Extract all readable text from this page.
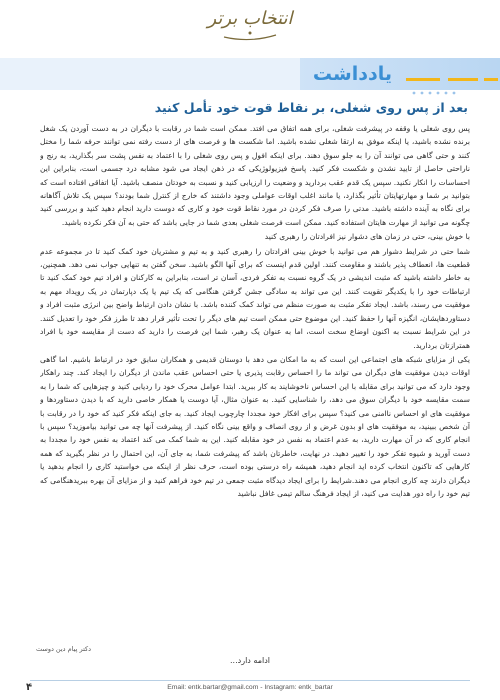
انتخاب برتر
یادداشت
بعد از پس روی شغلی، بر نقاط قوت خود تأمل کنید

پس روی شغلی یا وقفه در پیشرفت شغلی، برای همه اتفاق می افتد. ممکن است شما در رقابت با دیگران در به دست آوردن یک شغل برنده نشده باشید، یا اینکه موفق به ارتقا شغلی نشده باشید. اما شکست ها و فرصت های از دست رفته نمی توانند حرفه شما را مختل کنند و حتی گاهی می توانند آن را به جلو سوق دهند. برای اینکه افول و پس روی شغلی را با اعتماد به نفس پشت سر بگذارید، به رنج و ناراحتی حاصل از تایید نشدن و شکست فکر کنید. پاسخ فیزیولوژیکی که در ذهن ایجاد می شود مشابه درد جسمی است، بنابراین این احساسات را انکار نکنید. سپس یک قدم عقب بردارید و وضعیت را ارزیابی کنید و نسبت به خودتان منصف باشید. آیا اتفاقی افتاده است که بتوانید بر شما و مهارتهایتان تأثیر بگذارد، یا مانند اغلب اوقات عواملی وجود داشتند که خارج از کنترل شما بودند؟ سپس یک تلاش آگاهانه برای نگاه به آینده داشته باشید. مدتی را صرف فکر کردن در مورد نقاط قوت خود و کاری که دوست دارید انجام دهید کنید و بررسی کنید چگونه می توانید از مهارت هایتان استفاده کنید. ممکن است فرصت شغلی بعدی شما در جایی باشد که حتی به آن فکر نکرده باشید.

با خوش بینی، حتی در زمان های دشوار نیز افرادتان را رهبری کنید

شما حتی در شرایط دشوار هم می توانید با خوش بینی افرادتان را رهبری کنید و به تیم و مشتریان خود کمک کنید تا در مجموعه عدم قطعیت ها، انعطاف پذیر باشند و مقاومت کنند. اولین قدم اینست که برای آنها الگو باشید. سخن گفتن به تنهایی جواب نمی دهد. همچنین، به خاطر داشته باشید که مثبت اندیشی در یک گروه نسبت به تفکر فردی، آسان تر است، بنابراین به کارکنان و افراد تیم خود کمک کنید تا ارتباطات خود را با یکدیگر تقویت کنند. این می تواند به سادگی جشن گرفتن هنگامی که یک تیم یا یک دپارتمان در یک رویداد مهم به موفقیت می رسند، باشد. ایجاد تفکر مثبت به صورت منظم می تواند کمک کننده باشد. با نشان دادن ارتباط واضح بین انرژی مثبت افراد و دستاوردهایشان، انگیزه آنها را حفظ کنید. این موضوع حتی ممکن است تیم های دیگر را تحت تأثیر قرار دهد تا طرز فکر خود را تعدیل کنند. در این شرایط نسبت به اکنون اوضاع سخت است، اما به عنوان یک رهبر، شما این فرصت را دارید که دست از مقایسه خود با افراد همترازتان بردارید.

یکی از مزایای شبکه های اجتماعی این است که به ما امکان می دهد با دوستان قدیمی و همکاران سابق خود در ارتباط باشیم. اما گاهی اوقات دیدن موفقیت های دیگران می تواند ما را احساس رقابت پذیری یا حتی احساس عقب ماندن از دیگران را ایجاد کند. چند راهکار وجود دارد که می توانید برای مقابله با این احساس ناخوشایند به کار ببرید. ابتدا عوامل محرک خود را ردیابی کنید و چیزهایی که شما را به سمت مقایسه خود با دیگران سوق می دهد، را شناسایی کنید. به عنوان مثال، آیا دوست یا همکار خاصی دارید که با دیدن دستاوردها و موفقیت های او احساس ناامنی می کنید؟ سپس برای افکار خود مجددا چارچوب ایجاد کنید. به جای اینکه فکر کنید که خود را در رقابت با آن شخص ببینید، به موفقیت های او بدون غرض و از روی انصاف و واقع بینی نگاه کنید. از پیشرفت آنها چه می توانید بیاموزید؟ سپس با انجام کاری که در آن مهارت دارید، به عدم اعتماد به نفس در خود مقابله کنید. این به شما کمک می کند اعتماد به نفس خود را مجددا به دست آورید و شیوه تفکر خود را تغییر دهید. در نهایت، خاطرتان باشد که پیشرفت شما، به جای آن، این احتمال را در نظر بگیرید که همه کارهایی که تاکنون انتخاب کرده اید انجام دهید، همیشه راه درستی بوده است، حرف نظر از اینکه می خواستید کاری را انجام بدهید یا دیگران دارند چه کاری انجام می دهند.شرایط را برای ایجاد دیدگاه مثبت جمعی در تیم خود فراهم کنید و از مزایای آن بهره ببریدهنگامی که تیم خود را راه دور هدایت می کنید، از ایجاد فرهنگ سالم تیمی غافل نباشید

دکتر پیام دین دوست
ادامه دارد...
۴	Email: entk.bartar@gmail.com - Instagram: entk_bartar
